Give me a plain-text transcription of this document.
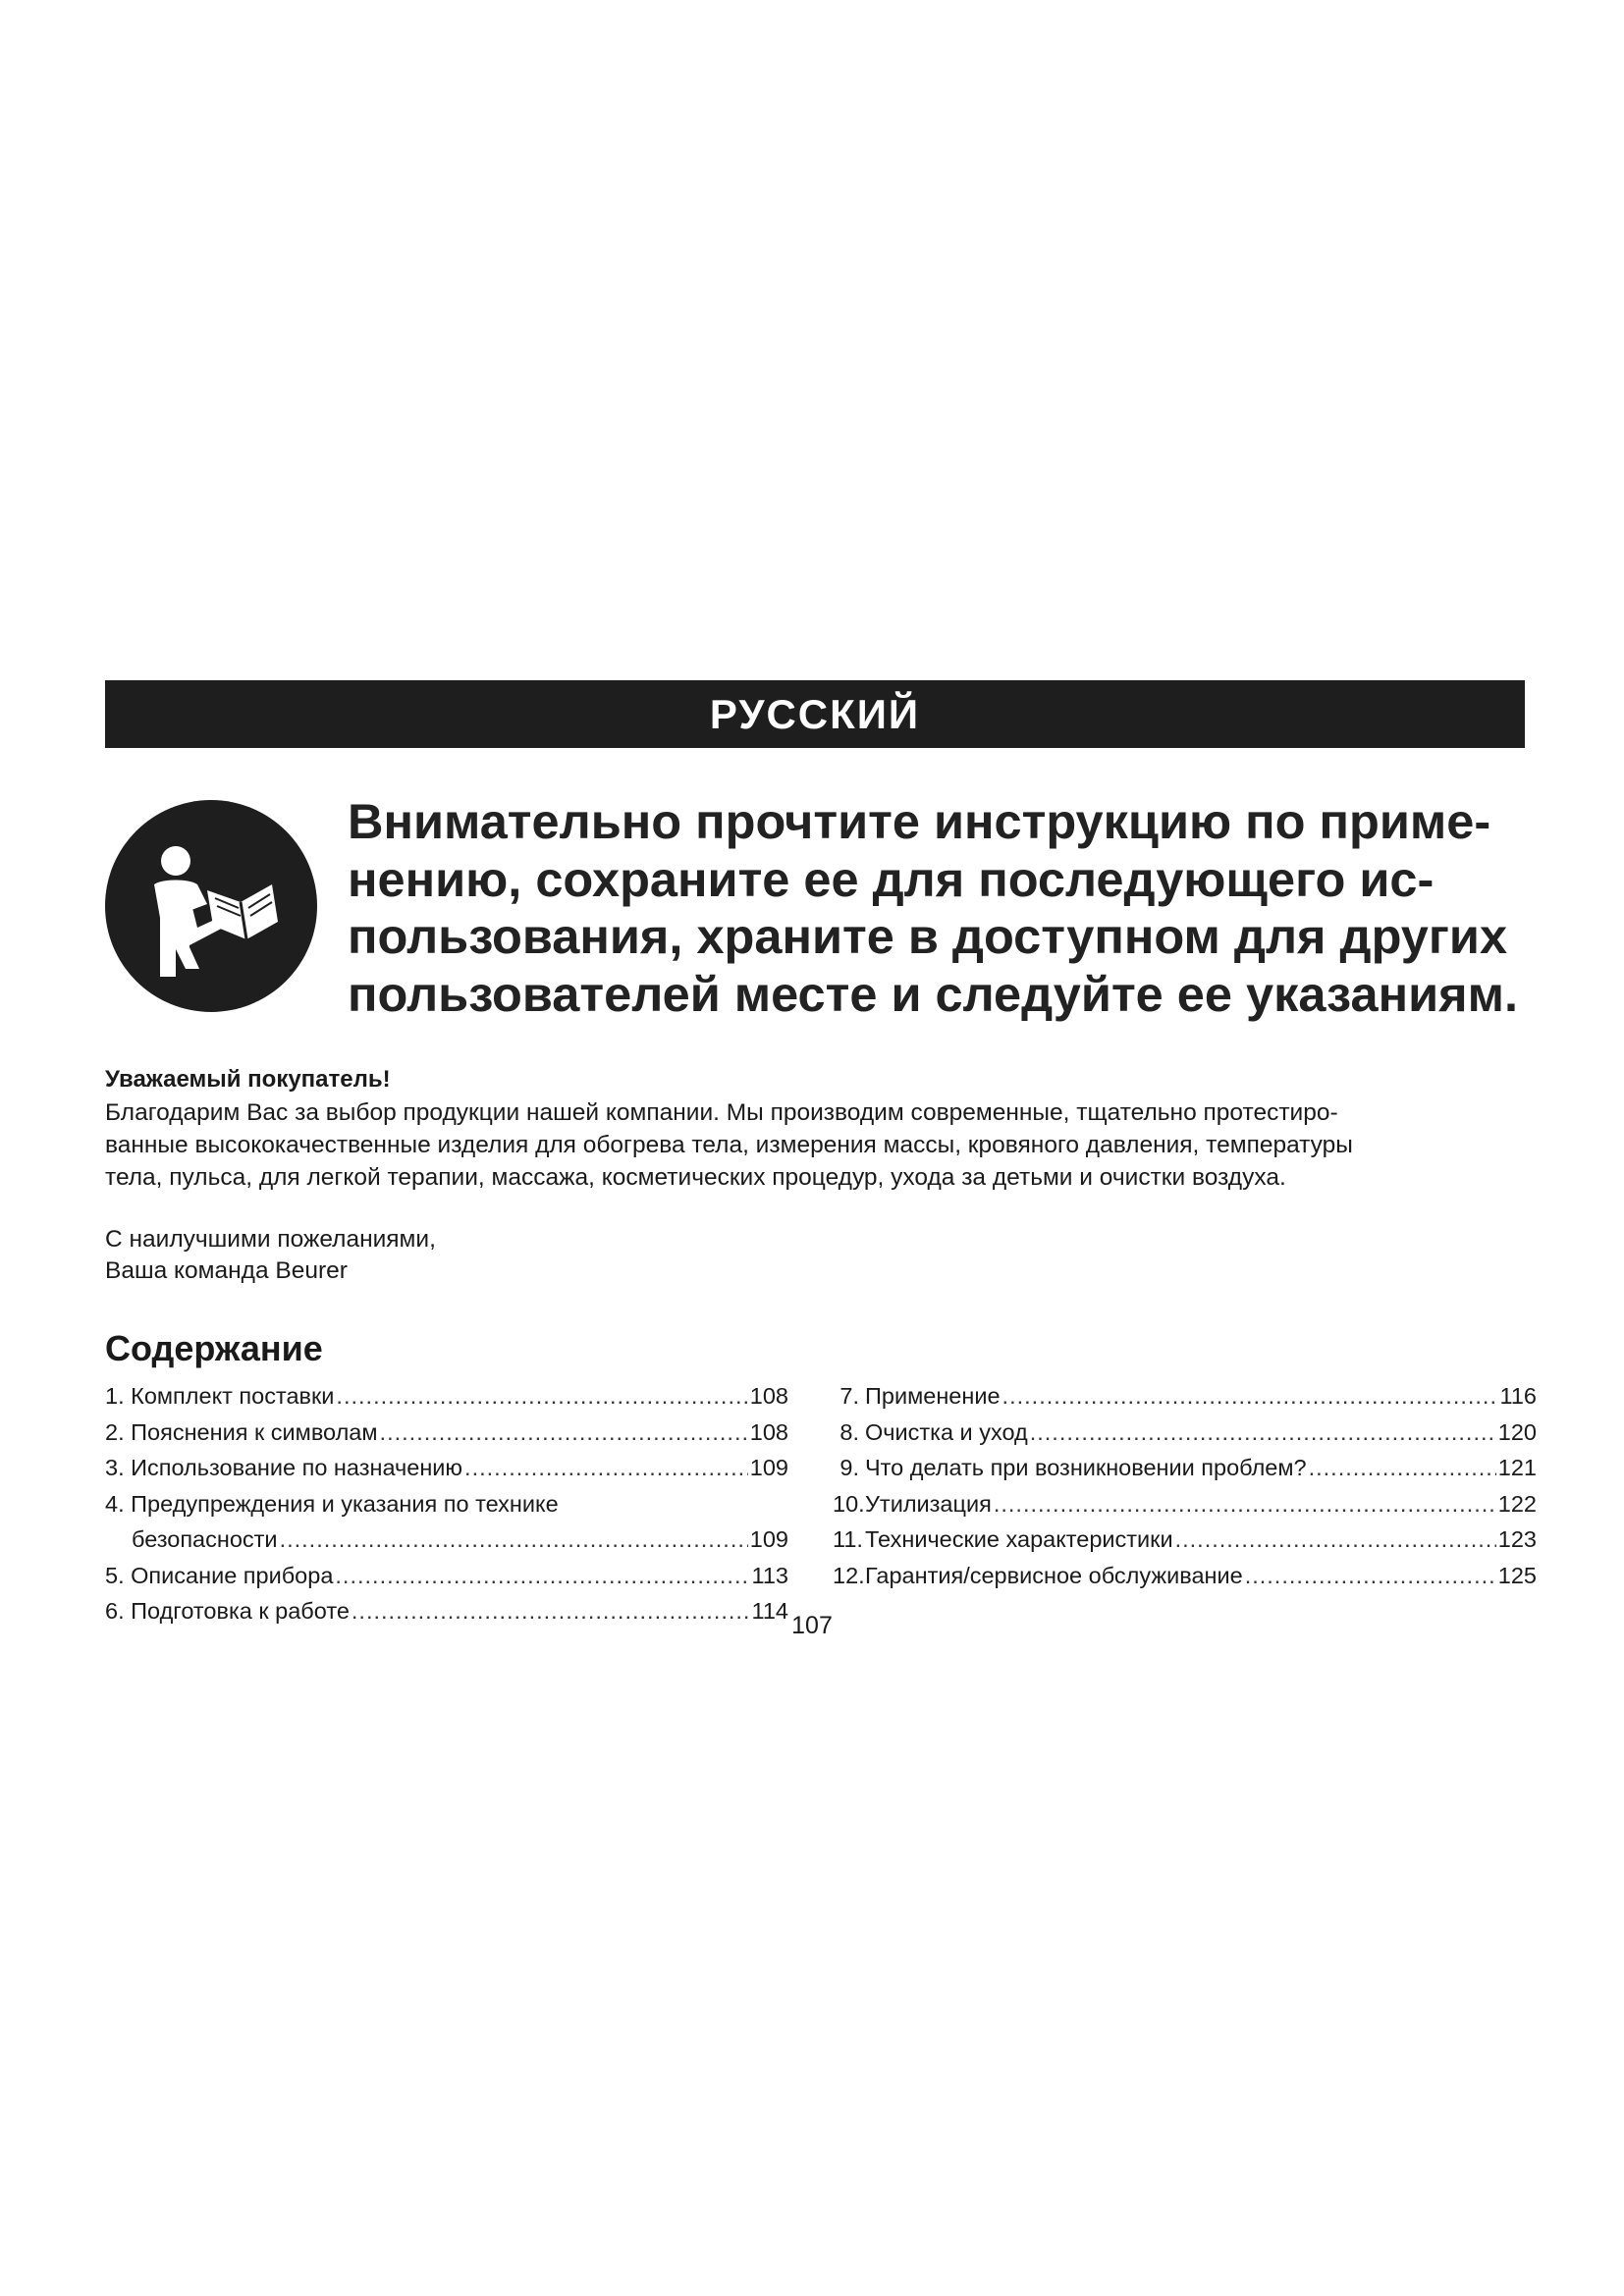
РУССКИЙ
Внимательно прочтите инструкцию по приме-
нению, сохраните ее для последующего ис-
пользования, храните в доступном для других
пользователей месте и следуйте ее указаниям.
Уважаемый покупатель!
Благодарим Вас за выбор продукции нашей компании. Мы производим современные, тщательно протестиро-
ванные высококачественные изделия для обогрева тела, измерения массы, кровяного давления, температуры
тела, пульса, для легкой терапии, массажа, косметических процедур, ухода за детьми и очистки воздуха.
С наилучшими пожеланиями,
Ваша команда Beurer
Содержание
1.
Комплект поставки .....	108
2.
Пояснения к символам .....	108
3.
Использование по назначению .....	109
4. Предупреждения и указания по технике
безопасности .....	109
5.
Описание прибора .....	113
6.
Подготовка к работе .....	114
7. Применение .....	116
8. Очистка и уход .....	120
9. Что делать при возникновении проблем? .....	121
10. Утилизация .....	122
11. Технические характеристики .....	123
12. Гарантия/сервисное обслуживание .....	125
107
